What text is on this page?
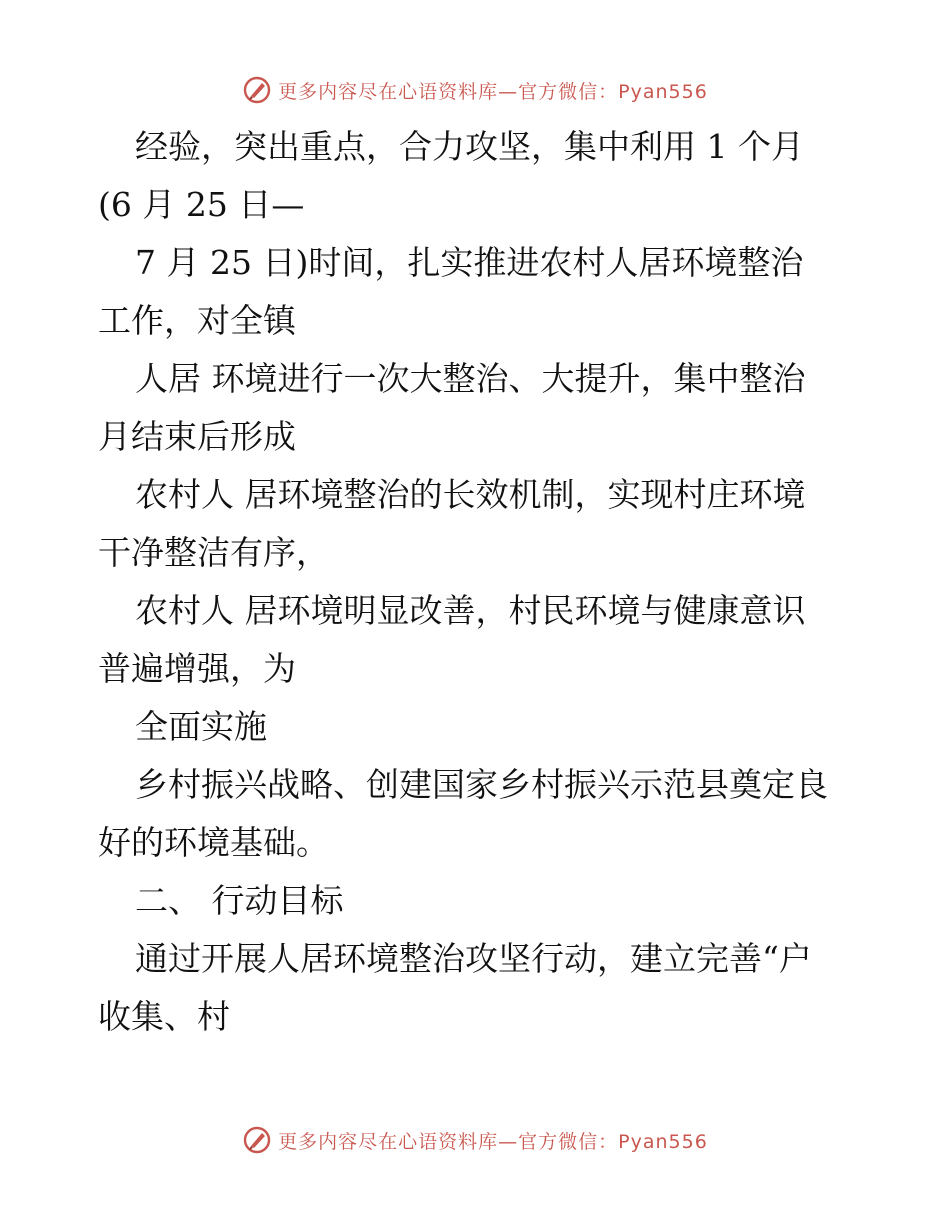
更多内容尽在心语资料库—官方微信：Pyan556
经验，突出重点，合力攻坚，集中利用 1 个月
(6 月 25 日—
7 月 25 日)时间，扎实推进农村人居环境整治
工作，对全镇
人居 环境进行一次大整治、大提升，集中整治
月结束后形成
农村人 居环境整治的长效机制，实现村庄环境
干净整洁有序，
农村人 居环境明显改善，村民环境与健康意识
普遍增强，为
全面实施
乡村振兴战略、创建国家乡村振兴示范县奠定良
好的环境基础。
二、 行动目标
通过开展人居环境整治攻坚行动，建立完善“户
收集、村
更多内容尽在心语资料库—官方微信：Pyan556
